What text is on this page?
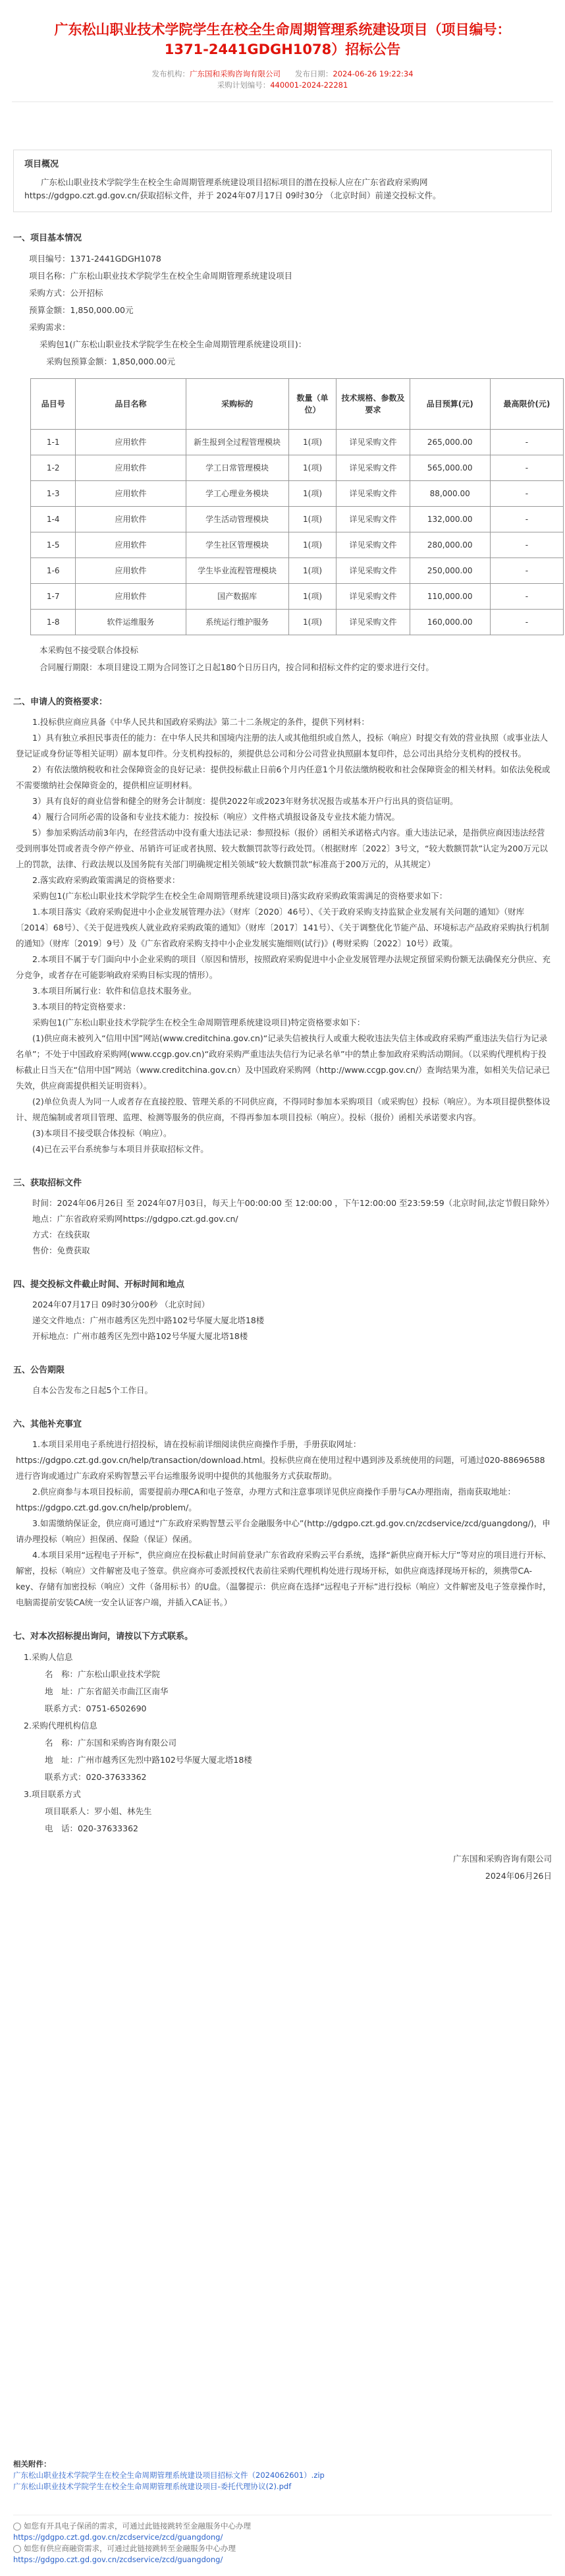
广东松山职业技术学院学生在校全生命周期管理系统建设项目（项目编号：1371-2441GDGH1078）招标公告
发布机构：广东国和采购咨询有限公司 发布日期：2024-06-26 19:22:34
采购计划编号：440001-2024-22281
项目概况

广东松山职业技术学院学生在校全生命周期管理系统建设项目招标项目的潜在投标人应在广东省政府采购网https://gdgpo.czt.gd.gov.cn/获取招标文件，并于 2024年07月17日 09时30分 （北京时间）前递交投标文件。

一、项目基本情况

项目编号：1371-2441GDGH1078

项目名称：广东松山职业技术学院学生在校全生命周期管理系统建设项目

采购方式：公开招标

预算金额：1,850,000.00元

采购需求：

采购包1(广东松山职业技术学院学生在校全生命周期管理系统建设项目)：

采购包预算金额：1,850,000.00元

品目号	品目名称	采购标的	数量（单位）	技术规格、参数及要求	品目预算(元)	最高限价(元)
1-1	应用软件	新生报到全过程管理模块	1(项)	详见采购文件	265,000.00	-
1-2	应用软件	学工日常管理模块	1(项)	详见采购文件	565,000.00	-
1-3	应用软件	学工心理业务模块	1(项)	详见采购文件	88,000.00	-
1-4	应用软件	学生活动管理模块	1(项)	详见采购文件	132,000.00	-
1-5	应用软件	学生社区管理模块	1(项)	详见采购文件	280,000.00	-
1-6	应用软件	学生毕业流程管理模块	1(项)	详见采购文件	250,000.00	-
1-7	应用软件	国产数据库	1(项)	详见采购文件	110,000.00	-
1-8	软件运维服务	系统运行维护服务	1(项)	详见采购文件	160,000.00	-

本采购包不接受联合体投标

合同履行期限：本项目建设工期为合同签订之日起180个日历日内，按合同和招标文件约定的要求进行交付。

二、申请人的资格要求：

1.投标供应商应具备《中华人民共和国政府采购法》第二十二条规定的条件，提供下列材料：

1）具有独立承担民事责任的能力：在中华人民共和国境内注册的法人或其他组织或自然人，投标（响应）时提交有效的营业执照（或事业法人登记证或身份证等相关证明）副本复印件。分支机构投标的，须提供总公司和分公司营业执照副本复印件，总公司出具给分支机构的授权书。

2）有依法缴纳税收和社会保障资金的良好记录：提供投标截止日前6个月内任意1个月依法缴纳税收和社会保障资金的相关材料。如依法免税或不需要缴纳社会保障资金的，提供相应证明材料。

3）具有良好的商业信誉和健全的财务会计制度：提供2022年或2023年财务状况报告或基本开户行出具的资信证明。

4）履行合同所必需的设备和专业技术能力：按投标（响应）文件格式填报设备及专业技术能力情况。

5）参加采购活动前3年内，在经营活动中没有重大违法记录：参照投标（报价）函相关承诺格式内容。重大违法记录，是指供应商因违法经营受到刑事处罚或者责令停产停业、吊销许可证或者执照、较大数额罚款等行政处罚。（根据财库〔2022〕3号文，“较大数额罚款”认定为200万元以上的罚款，法律、行政法规以及国务院有关部门明确规定相关领域“较大数额罚款”标准高于200万元的，从其规定）

2.落实政府采购政策需满足的资格要求：

采购包1(广东松山职业技术学院学生在校全生命周期管理系统建设项目)落实政府采购政策需满足的资格要求如下：

1.本项目落实《政府采购促进中小企业发展管理办法》（财库〔2020〕46号）、《关于政府采购支持监狱企业发展有关问题的通知》（财库〔2014〕68号）、《关于促进残疾人就业政府采购政策的通知》（财库〔2017〕141号）、《关于调整优化节能产品、环境标志产品政府采购执行机制的通知》（财库〔2019〕9号）及《广东省政府采购支持中小企业发展实施细则(试行)》(粤财采购〔2022〕10号）政策。

2.本项目不属于专门面向中小企业采购的项目（原因和情形，按照政府采购促进中小企业发展管理办法规定预留采购份额无法确保充分供应、充分竞争，或者存在可能影响政府采购目标实现的情形）。

3.本项目所属行业：软件和信息技术服务业。

3.本项目的特定资格要求：

采购包1(广东松山职业技术学院学生在校全生命周期管理系统建设项目)特定资格要求如下：

(1)供应商未被列入“信用中国”网站(www.creditchina.gov.cn)“记录失信被执行人或重大税收违法失信主体或政府采购严重违法失信行为记录名单”；不处于中国政府采购网(www.ccgp.gov.cn)“政府采购严重违法失信行为记录名单”中的禁止参加政府采购活动期间。（以采购代理机构于投标截止日当天在“信用中国”网站（www.creditchina.gov.cn）及中国政府采购网（http://www.ccgp.gov.cn/）查询结果为准，如相关失信记录已失效，供应商需提供相关证明资料）。

(2)单位负责人为同一人或者存在直接控股、管理关系的不同供应商，不得同时参加本采购项目（或采购包）投标（响应）。为本项目提供整体设计、规范编制或者项目管理、监理、检测等服务的供应商，不得再参加本项目投标（响应）。投标（报价）函相关承诺要求内容。

(3)本项目不接受联合体投标（响应）。

(4)已在云平台系统参与本项目并获取招标文件。

三、获取招标文件

时间：2024年06月26日 至 2024年07月03日，每天上午00:00:00 至 12:00:00 ，下午12:00:00 至23:59:59（北京时间,法定节假日除外）

地点：广东省政府采购网https://gdgpo.czt.gd.gov.cn/

方式：在线获取

售价：免费获取

四、提交投标文件截止时间、开标时间和地点

2024年07月17日 09时30分00秒 （北京时间）

递交文件地点：广州市越秀区先烈中路102号华厦大厦北塔18楼

开标地点：广州市越秀区先烈中路102号华厦大厦北塔18楼

五、公告期限

自本公告发布之日起5个工作日。

六、其他补充事宜

1.本项目采用电子系统进行招投标，请在投标前详细阅读供应商操作手册，手册获取网址：https://gdgpo.czt.gd.gov.cn/help/transaction/download.html。投标供应商在使用过程中遇到涉及系统使用的问题，可通过020-88696588 进行咨询或通过广东政府采购智慧云平台运维服务说明中提供的其他服务方式获取帮助。

2.供应商参与本项目投标前，需要提前办理CA和电子签章，办理方式和注意事项详见供应商操作手册与CA办理指南，指南获取地址：https://gdgpo.czt.gd.gov.cn/help/problem/。

3.如需缴纳保证金，供应商可通过“广东政府采购智慧云平台金融服务中心”(http://gdgpo.czt.gd.gov.cn/zcdservice/zcd/guangdong/)，申请办理投标（响应）担保函、保险（保证）保函。

4.本项目采用“远程电子开标”，供应商应在投标截止时间前登录广东省政府采购云平台系统，选择“新供应商开标大厅”等对应的项目进行开标、解密，投标（响应）文件解密及电子签章。供应商亦可委派授权代表前往采购代理机构处进行现场开标，如供应商选择现场开标的，须携带CA-key、存储有加密投标（响应）文件（备用标书）的U盘。（温馨提示：供应商在选择“远程电子开标”进行投标（响应）文件解密及电子签章操作时，电脑需提前安装CA统一安全认证客户端，并插入CA证书。）

七、对本次招标提出询问，请按以下方式联系。

1.采购人信息

名　称：广东松山职业技术学院

地　址：广东省韶关市曲江区南华

联系方式：0751-6502690

2.采购代理机构信息

名　称：广东国和采购咨询有限公司

地　址：广州市越秀区先烈中路102号华厦大厦北塔18楼

联系方式：020-37633362

3.项目联系方式

项目联系人：罗小姐、林先生

电　话：020-37633362

广东国和采购咨询有限公司

2024年06月26日

相关附件：
广东松山职业技术学院学生在校全生命周期管理系统建设项目招标文件（2024062601）.zip
广东松山职业技术学院学生在校全生命周期管理系统建设项目-委托代理协议(2).pdf
如您有开具电子保函的需求，可通过此链接跳转至金融服务中心办理
https://gdgpo.czt.gd.gov.cn/zcdservice/zcd/guangdong/
如您有供应商融资需求，可通过此链接跳转至金融服务中心办理
https://gdgpo.czt.gd.gov.cn/zcdservice/zcd/guangdong/
